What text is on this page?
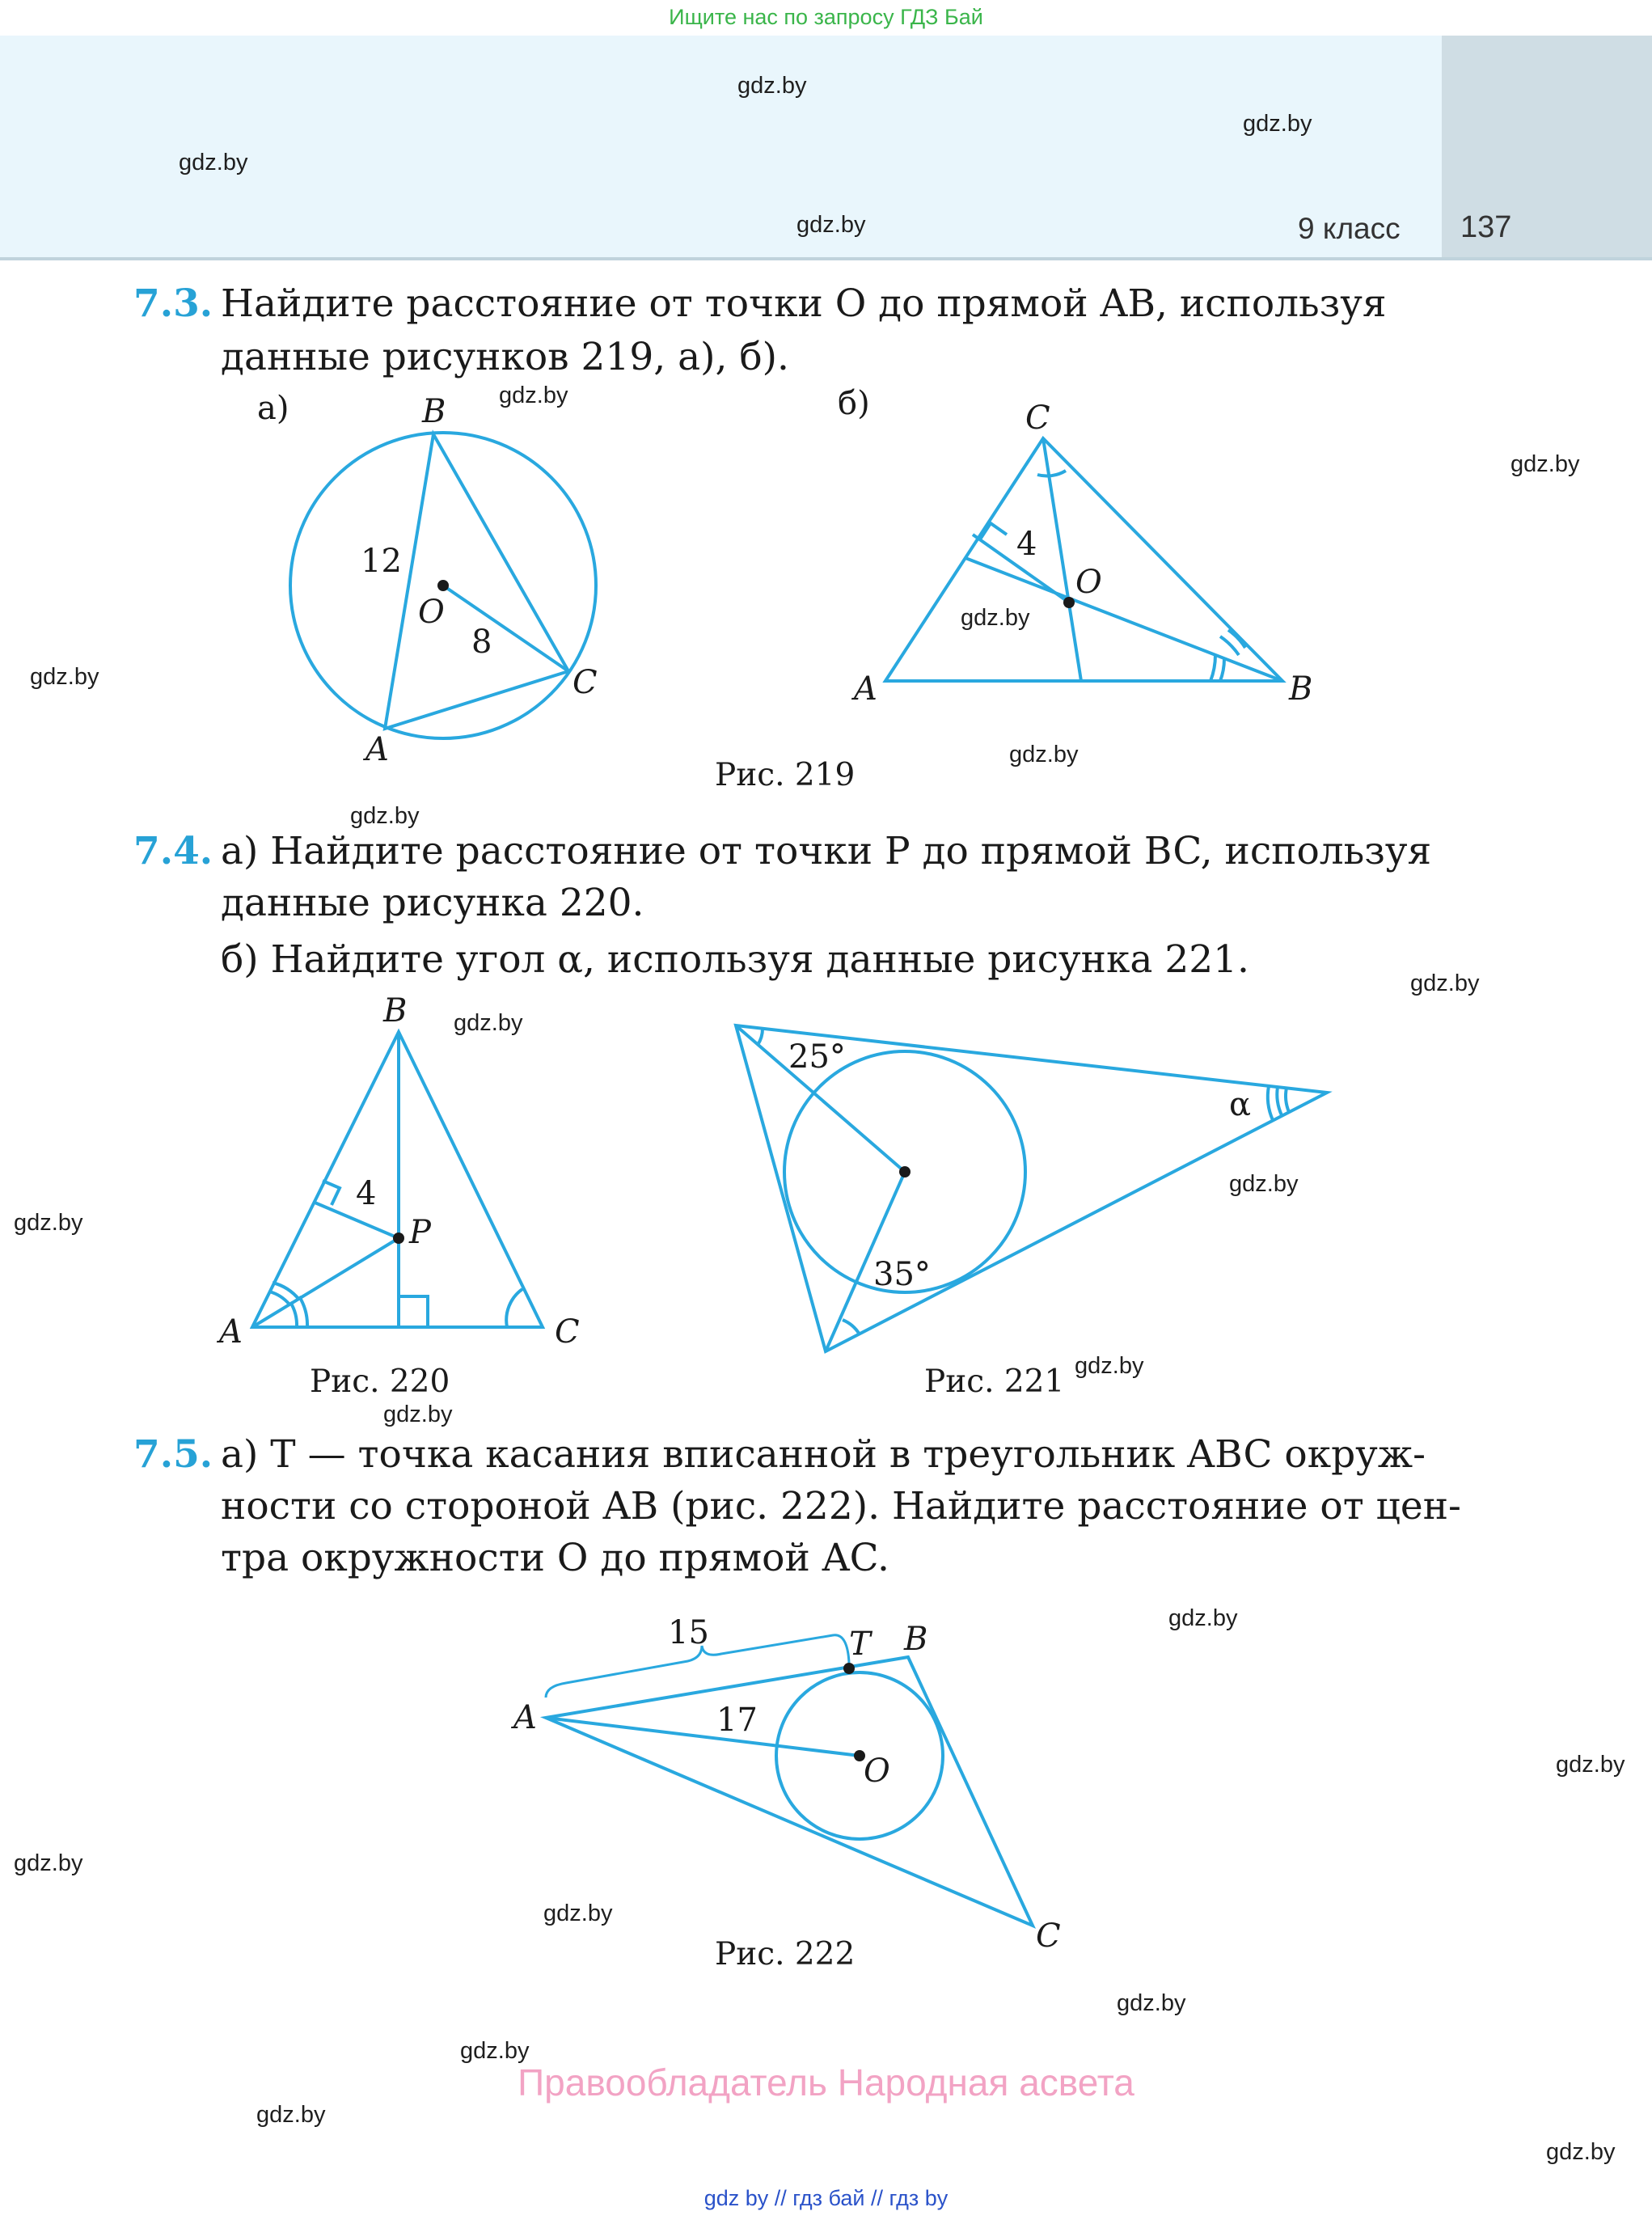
Ищите нас по запросу ГДЗ Бай
9 класс 137
gdz.by
gdz.by
gdz.by
gdz.by
gdz.by
gdz.by
gdz.by
gdz.by
gdz.by
gdz.by
gdz.by
gdz.by
gdz.by
gdz.by
gdz.by
gdz.by
gdz.by
gdz.by
gdz.by
gdz.by
gdz.by
gdz.by
gdz.by
gdz.by
7.3. Найдите расстояние от точки O до прямой AB, используя
данные рисунков 219, а), б).
7.4. а) Найдите расстояние от точки P до прямой BC, используя
данные рисунка 220.
б) Найдите угол α, используя данные рисунка 221.
7.5. а) T — точка касания вписанной в треугольник ABC окруж-
ности со стороной AB (рис. 222). Найдите расстояние от цен-
тра окружности O до прямой AC.
Рис. 219
Рис. 220	Рис. 221
Рис. 222
а)	B
A
C
O
12
8
б)	C
A	B
O
4
B
A	C
P
4
25°
35°
α
A
B
C
T
O
15
17
Правообладатель Народная асвета
gdz by // гдз бай // гдз by
